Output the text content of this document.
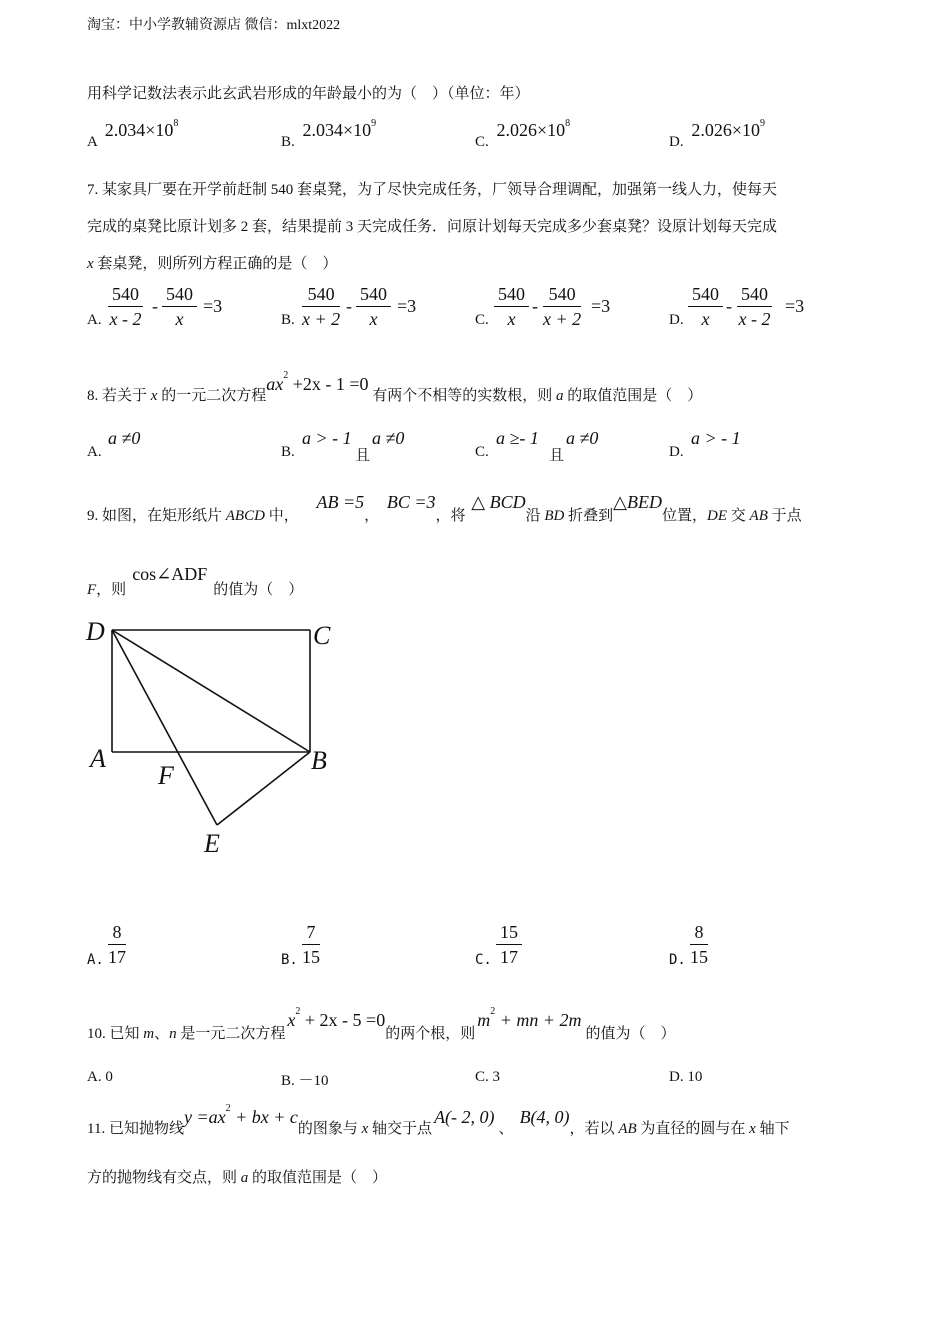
淘宝：中小学教辅资源店 微信：mlxt2022
用科学记数法表示此玄武岩形成的年龄最小的为（　）（单位：年）
A $2.034\times 10^8$
B. $2.034\times 10^9$
C. $2.026\times 10^8$
D. $2.026\times 10^9$
7. 某家具厂要在开学前赶制 540 套桌凳，为了尽快完成任务，厂领导合理调配，加强第一线人力，使每天
完成的桌凳比原计划多 2 套，结果提前 3 天完成任务．问原计划每天完成多少套桌凳？设原计划每天完成
x 套桌凳，则所列方程正确的是（　）
A. $\frac{540}{x - 2} - \frac{540}{x} =3$
B. $\frac{540}{x + 2} - \frac{540}{x} =3$
C. $\frac{540}{x} - \frac{540}{x + 2} =3$
D. $\frac{540}{x} - \frac{540}{x - 2} =3$
8. 若关于 x 的一元二次方程$ax^2 +2x - 1 =0$ 有两个不相等的实数根，则 a 的取值范围是（　）
A.
a ≠0
B.
a > - 1
且
a ≠0
C.
a ≥- 1
且
a ≠0
D.
a > - 1
9. 如图，在矩形纸片 ABCD 中， AB =5， BC =3，将 △ BCD沿 BD 折叠到△BED位置，DE 交 AB 于点
F，则cos∠ADF的值为（　）
D	C
A	B
F
E
A. $\frac{8}{17}$	B. $\frac{7}{15}$	C. $\frac{15}{17}$	D. $\frac{8}{15}$
10. 已知 m、n 是一元二次方程$x^2 + 2x - 5 =0$的两个根，则$m^2$ + mn + 2m的值为（　）
A. 0	B. －10	C. 3	D. 10
11. 已知抛物线$y =ax^2$ + bx + c的图象与 x 轴交于点A(- 2, 0)、B(4, 0)，若以 AB 为直径的圆与在 x 轴下
方的抛物线有交点，则 a 的取值范围是（　）
